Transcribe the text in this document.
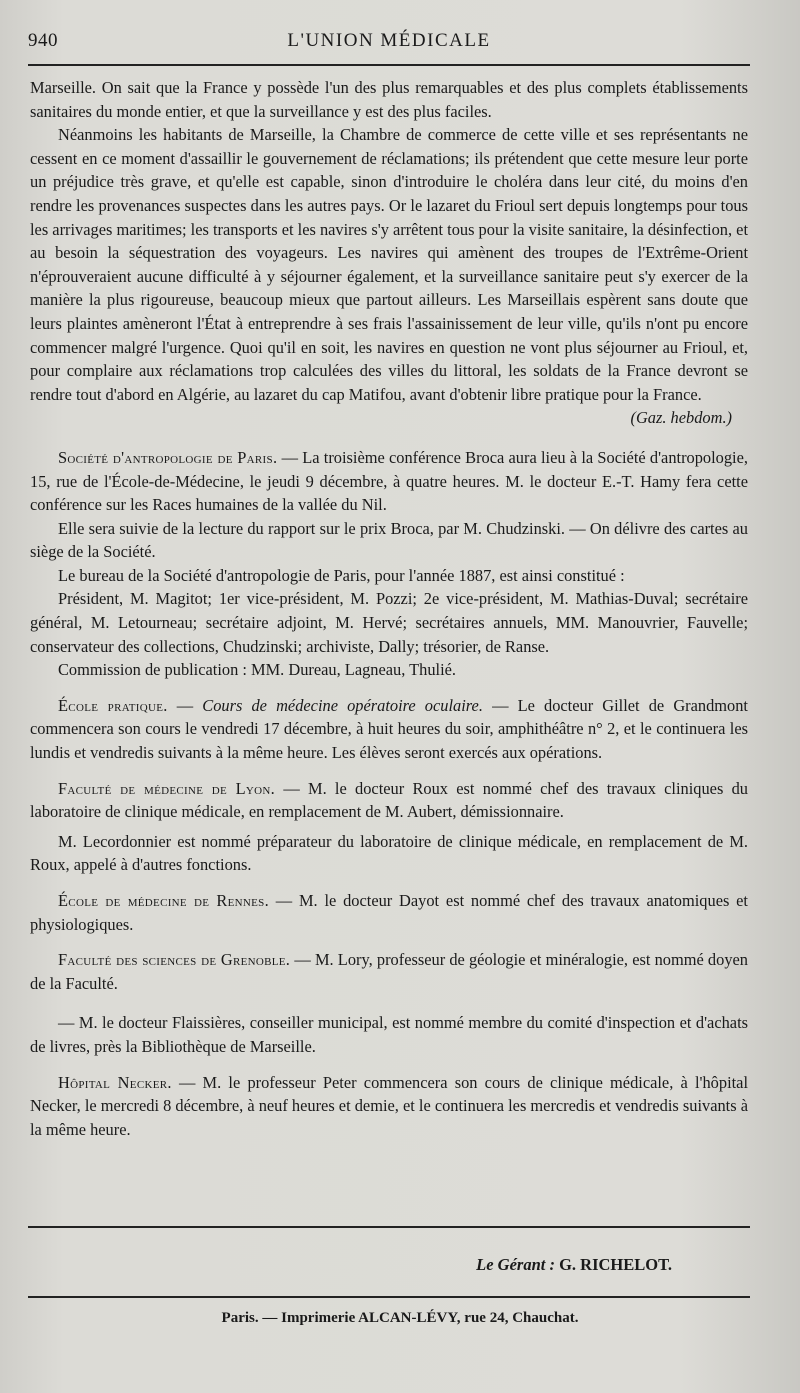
940	L'UNION MÉDICALE

Marseille. On sait que la France y possède l'un des plus remarquables et des plus complets établissements sanitaires du monde entier, et que la surveillance y est des plus faciles.

Néanmoins les habitants de Marseille, la Chambre de commerce de cette ville et ses représentants ne cessent en ce moment d'assaillir le gouvernement de réclamations; ils prétendent que cette mesure leur porte un préjudice très grave, et qu'elle est capable, sinon d'introduire le choléra dans leur cité, du moins d'en rendre les provenances suspectes dans les autres pays. Or le lazaret du Frioul sert depuis longtemps pour tous les arrivages maritimes; les transports et les navires s'y arrêtent tous pour la visite sanitaire, la désinfection, et au besoin la séquestration des voyageurs. Les navires qui amènent des troupes de l'Extrême-Orient n'éprouveraient aucune difficulté à y séjourner également, et la surveillance sanitaire peut s'y exercer de la manière la plus rigoureuse, beaucoup mieux que partout ailleurs. Les Marseillais espèrent sans doute que leurs plaintes amèneront l'État à entreprendre à ses frais l'assainissement de leur ville, qu'ils n'ont pu encore commencer malgré l'urgence. Quoi qu'il en soit, les navires en question ne vont plus séjourner au Frioul, et, pour complaire aux réclamations trop calculées des villes du littoral, les soldats de la France devront se rendre tout d'abord en Algérie, au lazaret du cap Matifou, avant d'obtenir libre pratique pour la France.

(Gaz. hebdom.)

Société d'antropologie de Paris. — La troisième conférence Broca aura lieu à la Société d'antropologie, 15, rue de l'École-de-Médecine, le jeudi 9 décembre, à quatre heures. M. le docteur E.-T. Hamy fera cette conférence sur les Races humaines de la vallée du Nil.

Elle sera suivie de la lecture du rapport sur le prix Broca, par M. Chudzinski. — On délivre des cartes au siège de la Société.

Le bureau de la Société d'antropologie de Paris, pour l'année 1887, est ainsi constitué :

Président, M. Magitot; 1er vice-président, M. Pozzi; 2e vice-président, M. Mathias-Duval; secrétaire général, M. Letourneau; secrétaire adjoint, M. Hervé; secrétaires annuels, MM. Manouvrier, Fauvelle; conservateur des collections, Chudzinski; archiviste, Dally; trésorier, de Ranse.

Commission de publication : MM. Dureau, Lagneau, Thulié.

École pratique. — Cours de médecine opératoire oculaire. — Le docteur Gillet de Grandmont commencera son cours le vendredi 17 décembre, à huit heures du soir, amphithéâtre n° 2, et le continuera les lundis et vendredis suivants à la même heure. Les élèves seront exercés aux opérations.

Faculté de médecine de Lyon. — M. le docteur Roux est nommé chef des travaux cliniques du laboratoire de clinique médicale, en remplacement de M. Aubert, démissionnaire.

M. Lecordonnier est nommé préparateur du laboratoire de clinique médicale, en remplacement de M. Roux, appelé à d'autres fonctions.

École de médecine de Rennes. — M. le docteur Dayot est nommé chef des travaux anatomiques et physiologiques.

Faculté des sciences de Grenoble. — M. Lory, professeur de géologie et minéralogie, est nommé doyen de la Faculté.

— M. le docteur Flaissières, conseiller municipal, est nommé membre du comité d'inspection et d'achats de livres, près la Bibliothèque de Marseille.

Hôpital Necker. — M. le professeur Peter commencera son cours de clinique médicale, à l'hôpital Necker, le mercredi 8 décembre, à neuf heures et demie, et le continuera les mercredis et vendredis suivants à la même heure.

Le Gérant : G. RICHELOT.
Paris. — Imprimerie ALCAN-LÉVY, rue 24, Chauchat.
